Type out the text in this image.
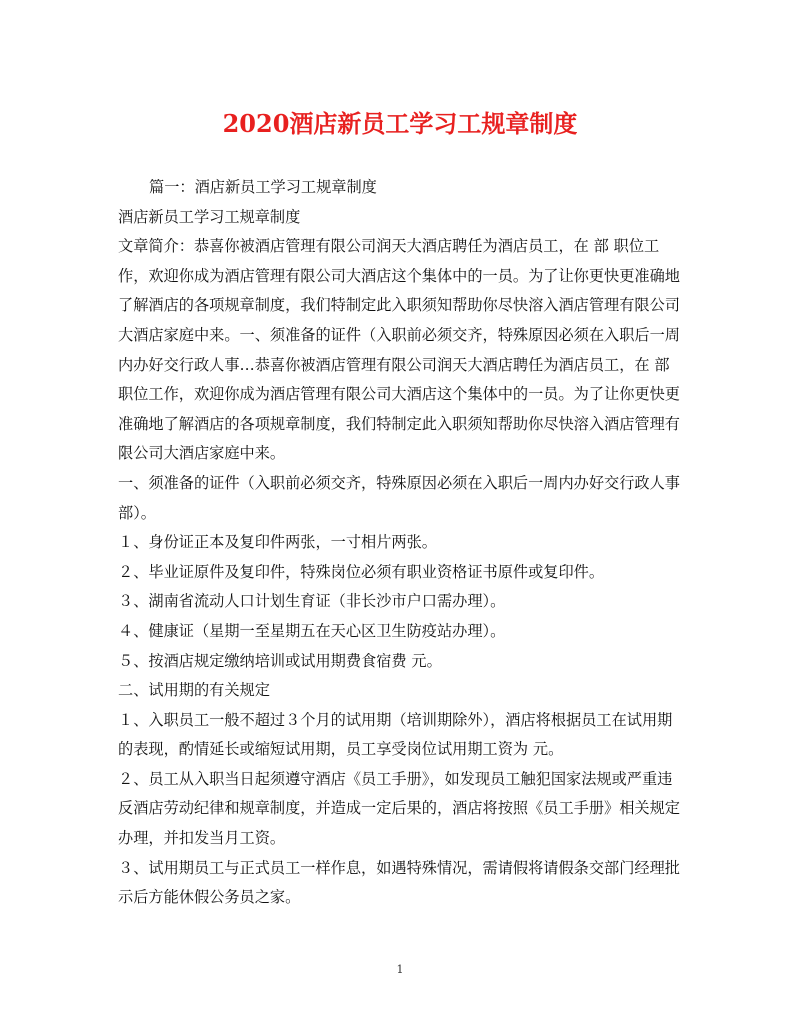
2020酒店新员工学习工规章制度

篇一：酒店新员工学习工规章制度

酒店新员工学习工规章制度

文章简介：恭喜你被酒店管理有限公司润天大酒店聘任为酒店员工，在 部 职位工作，欢迎你成为酒店管理有限公司大酒店这个集体中的一员。为了让你更快更准确地了解酒店的各项规章制度，我们特制定此入职须知帮助你尽快溶入酒店管理有限公司大酒店家庭中来。一、须准备的证件（入职前必须交齐，特殊原因必须在入职后一周内办好交行政人事…恭喜你被酒店管理有限公司润天大酒店聘任为酒店员工，在 部 职位工作，欢迎你成为酒店管理有限公司大酒店这个集体中的一员。为了让你更快更准确地了解酒店的各项规章制度，我们特制定此入职须知帮助你尽快溶入酒店管理有限公司大酒店家庭中来。

一、须准备的证件（入职前必须交齐，特殊原因必须在入职后一周内办好交行政人事部）。

１、身份证正本及复印件两张，一寸相片两张。

２、毕业证原件及复印件，特殊岗位必须有职业资格证书原件或复印件。

３、湖南省流动人口计划生育证（非长沙市户口需办理）。

４、健康证（星期一至星期五在天心区卫生防疫站办理）。

５、按酒店规定缴纳培训或试用期费食宿费 元。

二、试用期的有关规定

１、入职员工一般不超过３个月的试用期（培训期除外），酒店将根据员工在试用期的表现，酌情延长或缩短试用期，员工享受岗位试用期工资为 元。

２、员工从入职当日起须遵守酒店《员工手册》，如发现员工触犯国家法规或严重违反酒店劳动纪律和规章制度，并造成一定后果的，酒店将按照《员工手册》相关规定办理，并扣发当月工资。

３、试用期员工与正式员工一样作息，如遇特殊情况，需请假将请假条交部门经理批示后方能休假公务员之家。

1
